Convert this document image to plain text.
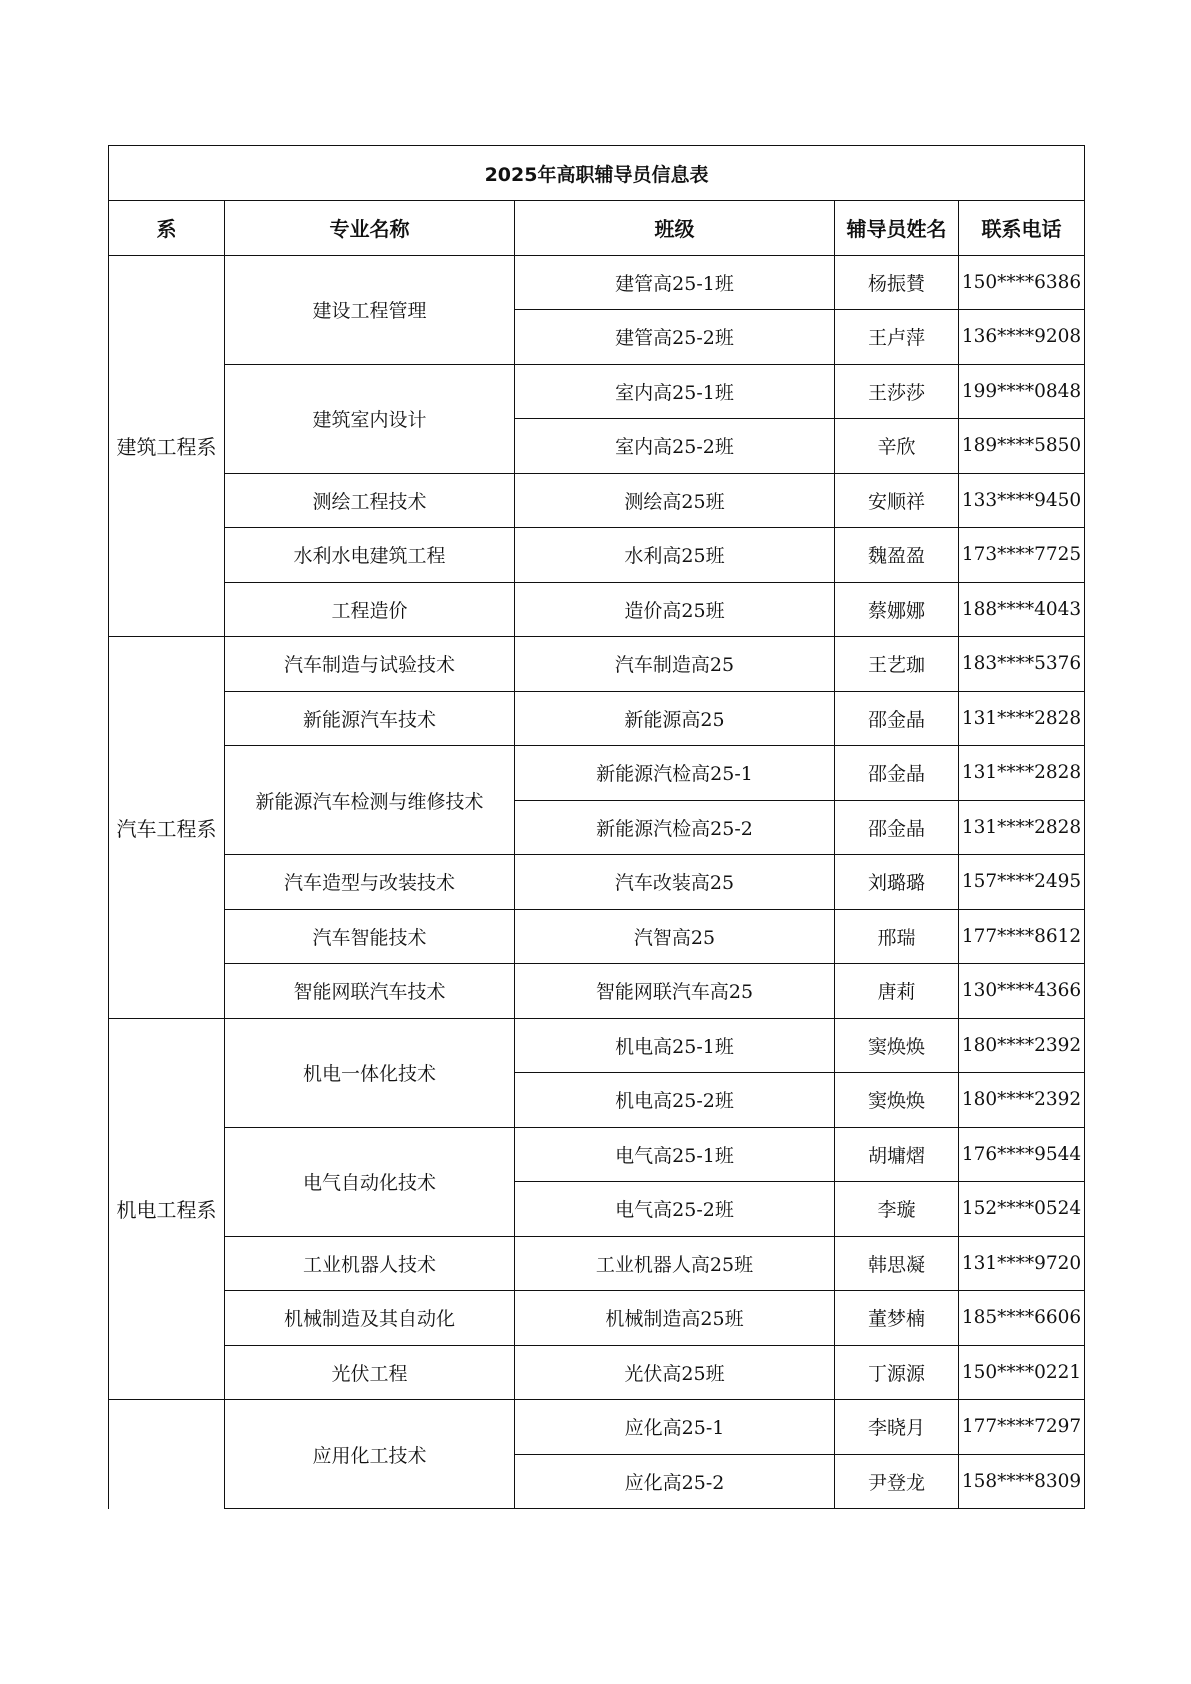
2025年高职辅导员信息表				
系	专业名称	班级	辅导员姓名	联系电话
建筑工程系	建设工程管理	建管高25-1班	杨振賛	150****6386
		建管高25-2班	王卢萍	136****9208
	建筑室内设计	室内高25-1班	王莎莎	199****0848
		室内高25-2班	辛欣	189****5850
	测绘工程技术	测绘高25班	安顺祥	133****9450
	水利水电建筑工程	水利高25班	魏盈盈	173****7725
	工程造价	造价高25班	蔡娜娜	188****4043
汽车工程系	汽车制造与试验技术	汽车制造高25	王艺珈	183****5376
	新能源汽车技术	新能源高25	邵金晶	131****2828
	新能源汽车检测与维修技术	新能源汽检高25-1	邵金晶	131****2828
		新能源汽检高25-2	邵金晶	131****2828
	汽车造型与改装技术	汽车改装高25	刘璐璐	157****2495
	汽车智能技术	汽智高25	邢瑞	177****8612
	智能网联汽车技术	智能网联汽车高25	唐莉	130****4366
机电工程系	机电一体化技术	机电高25-1班	窦焕焕	180****2392
		机电高25-2班	窦焕焕	180****2392
	电气自动化技术	电气高25-1班	胡墉熠	176****9544
		电气高25-2班	李璇	152****0524
	工业机器人技术	工业机器人高25班	韩思凝	131****9720
	机械制造及其自动化	机械制造高25班	董梦楠	185****6606
	光伏工程	光伏高25班	丁源源	150****0221
	应用化工技术	应化高25-1	李晓月	177****7297
		应化高25-2	尹登龙	158****8309
